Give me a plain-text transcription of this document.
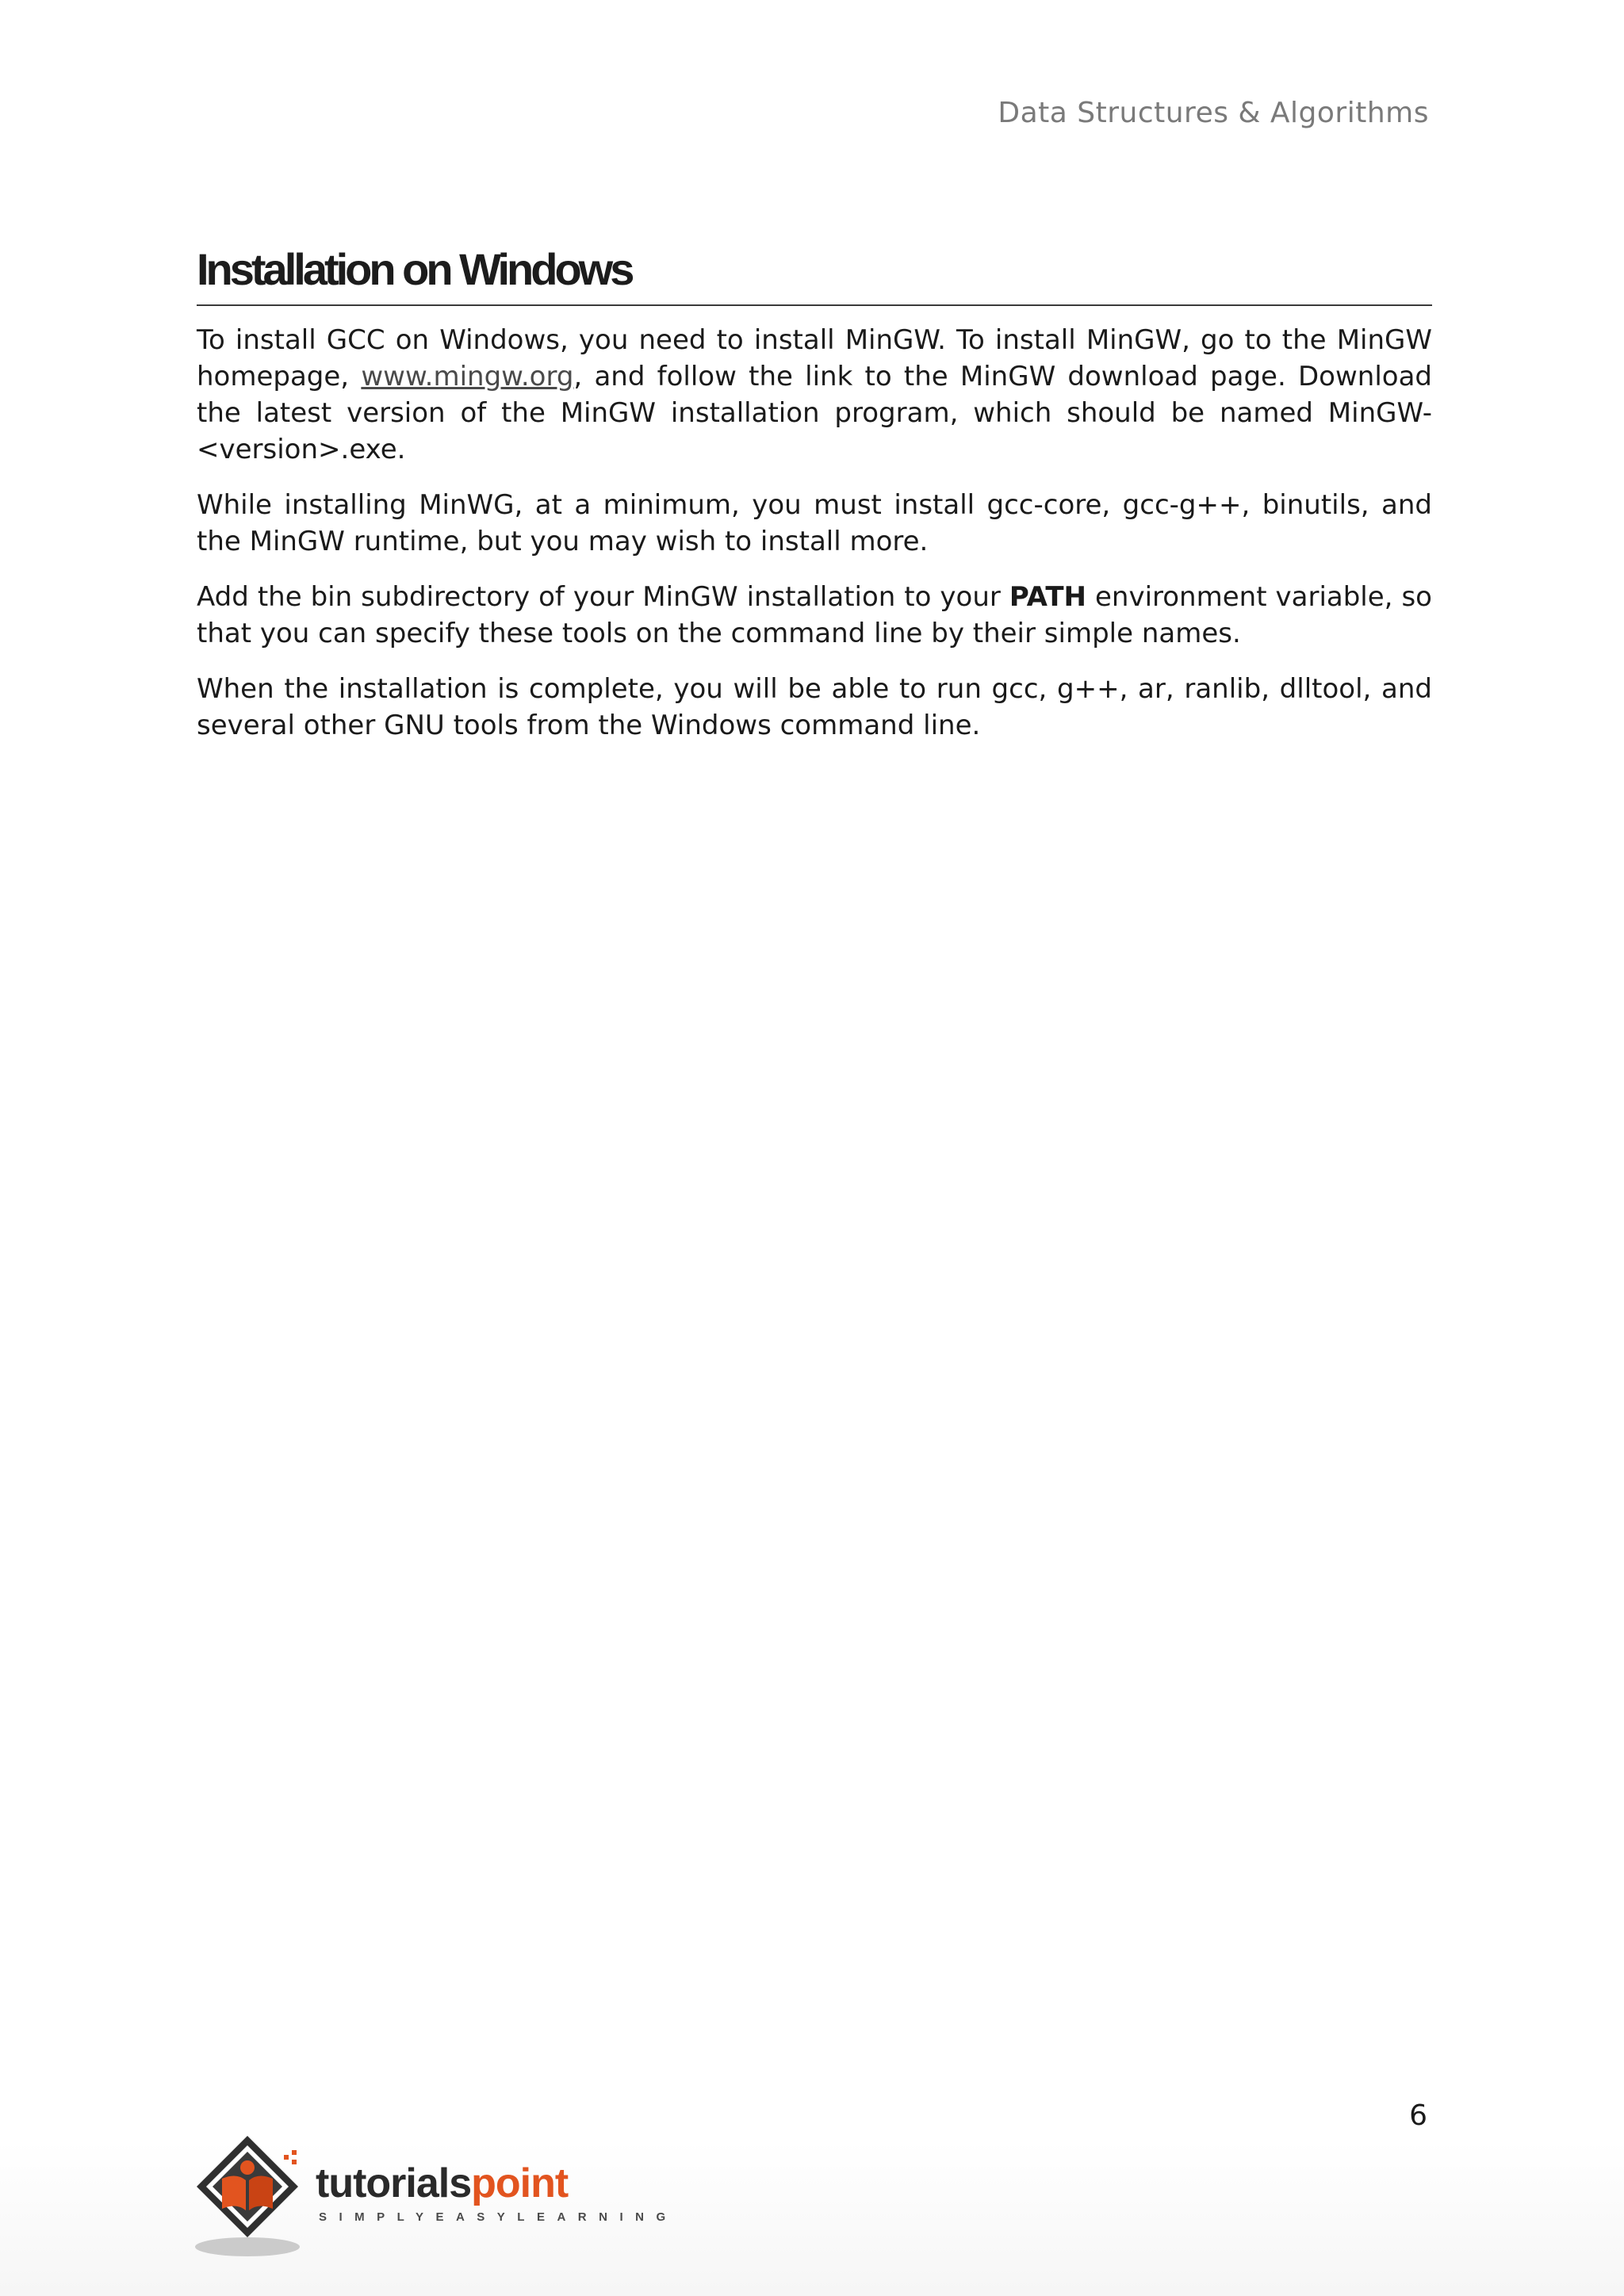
Data Structures & Algorithms
Installation on Windows

To install GCC on Windows, you need to install MinGW. To install MinGW, go to the MinGW homepage, www.mingw.org, and follow the link to the MinGW download page. Download the latest version of the MinGW installation program, which should be named MinGW-<version>.exe.

While installing MinWG, at a minimum, you must install gcc-core, gcc-g++, binutils, and the MinGW runtime, but you may wish to install more.

Add the bin subdirectory of your MinGW installation to your PATH environment variable, so that you can specify these tools on the command line by their simple names.

When the installation is complete, you will be able to run gcc, g++, ar, ranlib, dlltool, and several other GNU tools from the Windows command line.

6
tutorialspoint
SIMPLYEASYLEARNING
